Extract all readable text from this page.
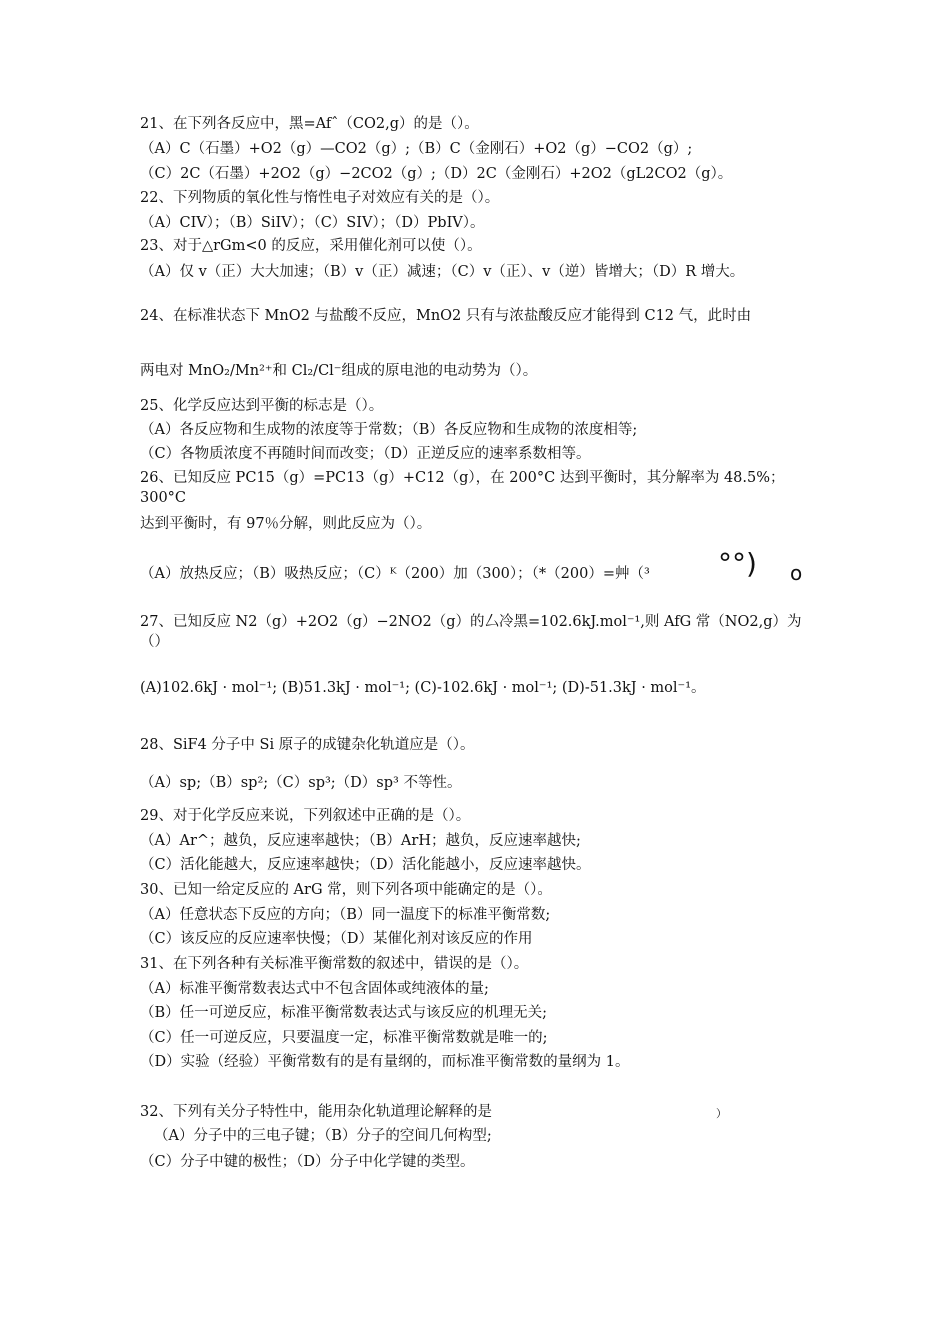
21、在下列各反应中，黑=Afˆ（CO2,g）的是（）。
（A）C（石墨）+O2（g）—CO2（g）;（B）C（金刚石）+O2（g）−CO2（g）;
（C）2C（石墨）+2O2（g）−2CO2（g）;（D）2C（金刚石）+2O2（gL2CO2（g）。
22、下列物质的氧化性与惰性电子对效应有关的是（）。
（A）CIV）；（B）SiIV）；（C）SIV）；（D）PbIV）。
23、对于△rGm<0 的反应，采用催化剂可以使（）。
（A）仅 v（正）大大加速；（B）v（正）减速；（C）v（正）、v（逆）皆增大；（D）R 增大。
24、在标准状态下 MnO2 与盐酸不反应，MnO2 只有与浓盐酸反应才能得到 C12 气，此时由
两电对 MnO₂/Mn²⁺和 Cl₂/Cl⁻组成的原电池的电动势为（）。
25、化学反应达到平衡的标志是（）。
（A）各反应物和生成物的浓度等于常数；（B）各反应物和生成物的浓度相等;
（C）各物质浓度不再随时间而改变；（D）正逆反应的速率系数相等。
26、已知反应 PC15（g）=PC13（g）+C12（g），在 200°C 达到平衡时，其分解率为 48.5%；300°C
达到平衡时，有 97％分解，则此反应为（）。
（A）放热反应；（B）吸热反应；（C）ᴷ（200）加（300）；（*（200）=艸（³	°°) o
27、已知反应 N2（g）+2O2（g）−2NO2（g）的厶冷黑=102.6kJ.mol⁻¹,则 AfG 常（NO2,g）为（）
(A)102.6kJ · mol⁻¹; (B)51.3kJ · mol⁻¹; (C)-102.6kJ · mol⁻¹; (D)-51.3kJ · mol⁻¹。
28、SiF4 分子中 Si 原子的成键杂化轨道应是（）。
（A）sp;（B）sp²;（C）sp³;（D）sp³ 不等性。
29、对于化学反应来说，下列叙述中正确的是（）。
（A）Ar^；越负，反应速率越快；（B）ArH；越负，反应速率越快;
（C）活化能越大，反应速率越快；（D）活化能越小，反应速率越快。
30、已知一给定反应的 ArG 常，则下列各项中能确定的是（）。
（A）任意状态下反应的方向；（B）同一温度下的标准平衡常数;
（C）该反应的反应速率快慢；（D）某催化剂对该反应的作用
31、在下列各种有关标准平衡常数的叙述中，错误的是（）。
（A）标准平衡常数表达式中不包含固体或纯液体的量;
（B）任一可逆反应，标准平衡常数表达式与该反应的机理无关;
（C）任一可逆反应，只要温度一定，标准平衡常数就是唯一的;
（D）实验（经验）平衡常数有的是有量纲的，而标准平衡常数的量纲为 1。
32、下列有关分子特性中，能用杂化轨道理论解释的是	）
（A）分子中的三电子键；（B）分子的空间几何构型;
（C）分子中键的极性；（D）分子中化学键的类型。
